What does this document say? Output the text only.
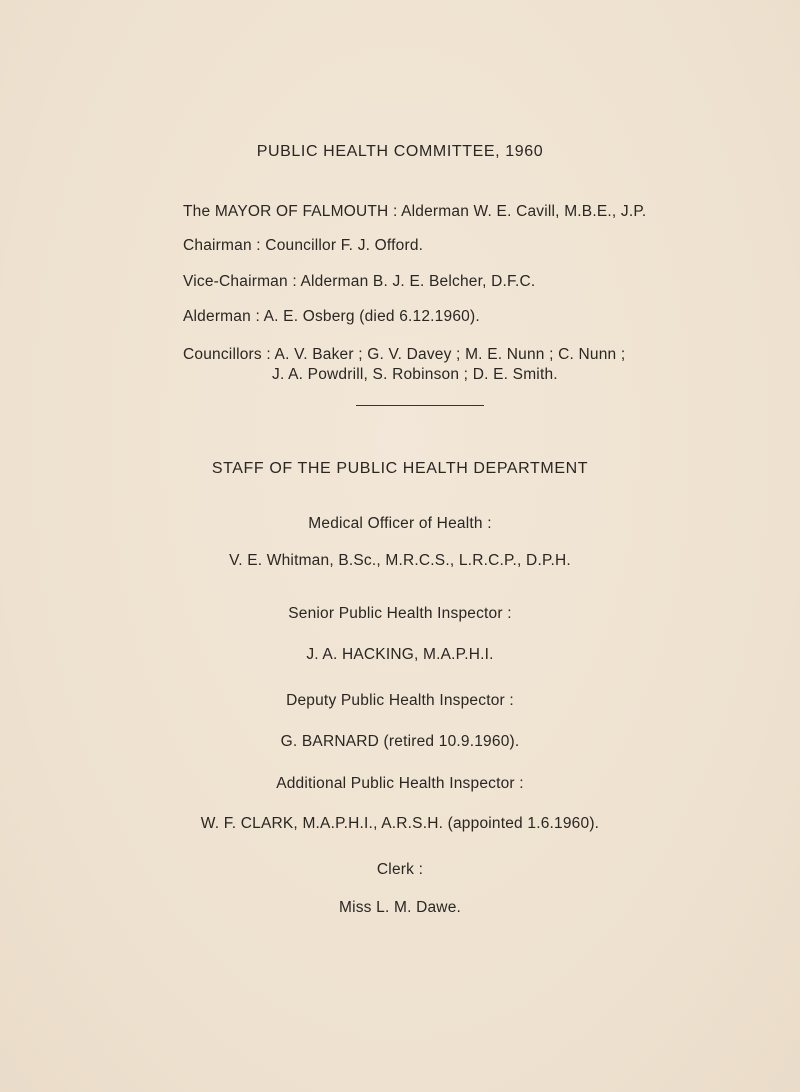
PUBLIC HEALTH COMMITTEE, 1960
The MAYOR OF FALMOUTH : Alderman W. E. Cavill, M.B.E., J.P.
Chairman : Councillor F. J. Offord.
Vice-Chairman : Alderman B. J. E. Belcher, D.F.C.
Alderman : A. E. Osberg (died 6.12.1960).
Councillors : A. V. Baker ; G. V. Davey ; M. E. Nunn ; C. Nunn ;
J. A. Powdrill, S. Robinson ; D. E. Smith.
STAFF OF THE PUBLIC HEALTH DEPARTMENT
Medical Officer of Health :
V. E. Whitman, B.Sc., M.R.C.S., L.R.C.P., D.P.H.
Senior Public Health Inspector :
J. A. HACKING, M.A.P.H.I.
Deputy Public Health Inspector :
G. BARNARD (retired 10.9.1960).
Additional Public Health Inspector :
W. F. CLARK, M.A.P.H.I., A.R.S.H. (appointed 1.6.1960).
Clerk :
Miss L. M. Dawe.
